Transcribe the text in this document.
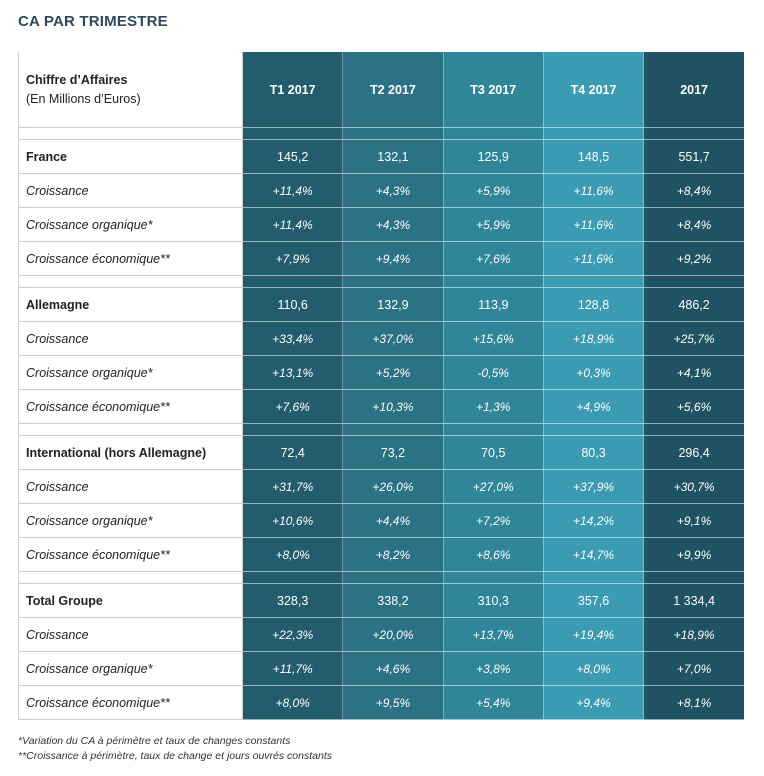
CA PAR TRIMESTRE
Chiffre d’Affaires
(En Millions d’Euros)	T1 2017	T2 2017	T3 2017	T4 2017	2017

France	145,2	132,1	125,9	148,5	551,7
Croissance	+11,4%	+4,3%	+5,9%	+11,6%	+8,4%
Croissance organique*	+11,4%	+4,3%	+5,9%	+11,6%	+8,4%
Croissance économique**	+7,9%	+9,4%	+7,6%	+11,6%	+9,2%

Allemagne	110,6	132,9	113,9	128,8	486,2
Croissance	+33,4%	+37,0%	+15,6%	+18,9%	+25,7%
Croissance organique*	+13,1%	+5,2%	-0,5%	+0,3%	+4,1%
Croissance économique**	+7,6%	+10,3%	+1,3%	+4,9%	+5,6%

International (hors Allemagne)	72,4	73,2	70,5	80,3	296,4
Croissance	+31,7%	+26,0%	+27,0%	+37,9%	+30,7%
Croissance organique*	+10,6%	+4,4%	+7,2%	+14,2%	+9,1%
Croissance économique**	+8,0%	+8,2%	+8,6%	+14,7%	+9,9%

Total Groupe	328,3	338,2	310,3	357,6	1 334,4
Croissance	+22,3%	+20,0%	+13,7%	+19,4%	+18,9%
Croissance organique*	+11,7%	+4,6%	+3,8%	+8,0%	+7,0%
Croissance économique**	+8,0%	+9,5%	+5,4%	+9,4%	+8,1%
*Variation du CA à périmètre et taux de changes constants
**Croissance à périmètre, taux de change et jours ouvrés constants
